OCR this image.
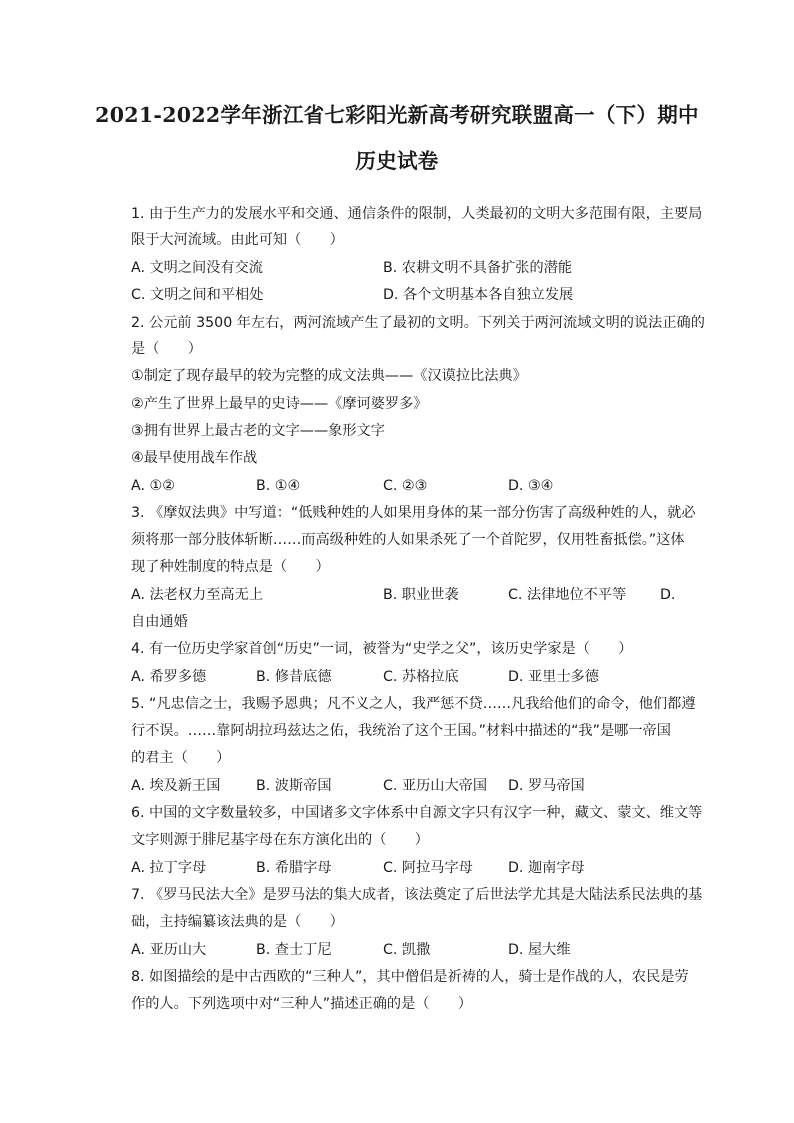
2021-2022学年浙江省七彩阳光新高考研究联盟高一（下）期中
历史试卷
1. 由于生产力的发展水平和交通、通信条件的限制，人类最初的文明大多范围有限，主要局
限于大河流域。由此可知（　　）
A. 文明之间没有交流	B. 农耕文明不具备扩张的潜能
C. 文明之间和平相处	D. 各个文明基本各自独立发展
2. 公元前 3500 年左右，两河流域产生了最初的文明。下列关于两河流域文明的说法正确的
是（　　）
①制定了现存最早的较为完整的成文法典——《汉谟拉比法典》
②产生了世界上最早的史诗——《摩诃婆罗多》
③拥有世界上最古老的文字——象形文字
④最早使用战车作战
A. ①②	B. ①④	C. ②③	D. ③④
3. 《摩奴法典》中写道：“低贱种姓的人如果用身体的某一部分伤害了高级种姓的人，就必
须将那一部分肢体斩断……而高级种姓的人如果杀死了一个首陀罗，仅用牲畜抵偿。”这体
现了种姓制度的特点是（　　）
A. 法老权力至高无上	B. 职业世袭	C. 法律地位不平等 D.
自由通婚
4. 有一位历史学家首创“历史”一词，被誉为“史学之父”，该历史学家是（　　）
A. 希罗多德	B. 修昔底德	C. 苏格拉底	D. 亚里士多德
5. “凡忠信之士，我赐予恩典；凡不义之人，我严惩不贷……凡我给他们的命令，他们都遵
行不误。……靠阿胡拉玛兹达之佑，我统治了这个王国。”材料中描述的“我”是哪一帝国
的君主（　　）
A. 埃及新王国	B. 波斯帝国	C. 亚历山大帝国 D. 罗马帝国
6. 中国的文字数量较多，中国诸多文字体系中自源文字只有汉字一种，藏文、蒙文、维文等
文字则源于腓尼基字母在东方演化出的（　　）
A. 拉丁字母	B. 希腊字母	C. 阿拉马字母 D. 迦南字母
7. 《罗马民法大全》是罗马法的集大成者，该法奠定了后世法学尤其是大陆法系民法典的基
础，主持编纂该法典的是（　　）
A. 亚历山大	B. 查士丁尼	C. 凯撒	D. 屋大维
8. 如图描绘的是中古西欧的“三种人”，其中僧侣是祈祷的人，骑士是作战的人，农民是劳
作的人。下列选项中对“三种人”描述正确的是（　　）
